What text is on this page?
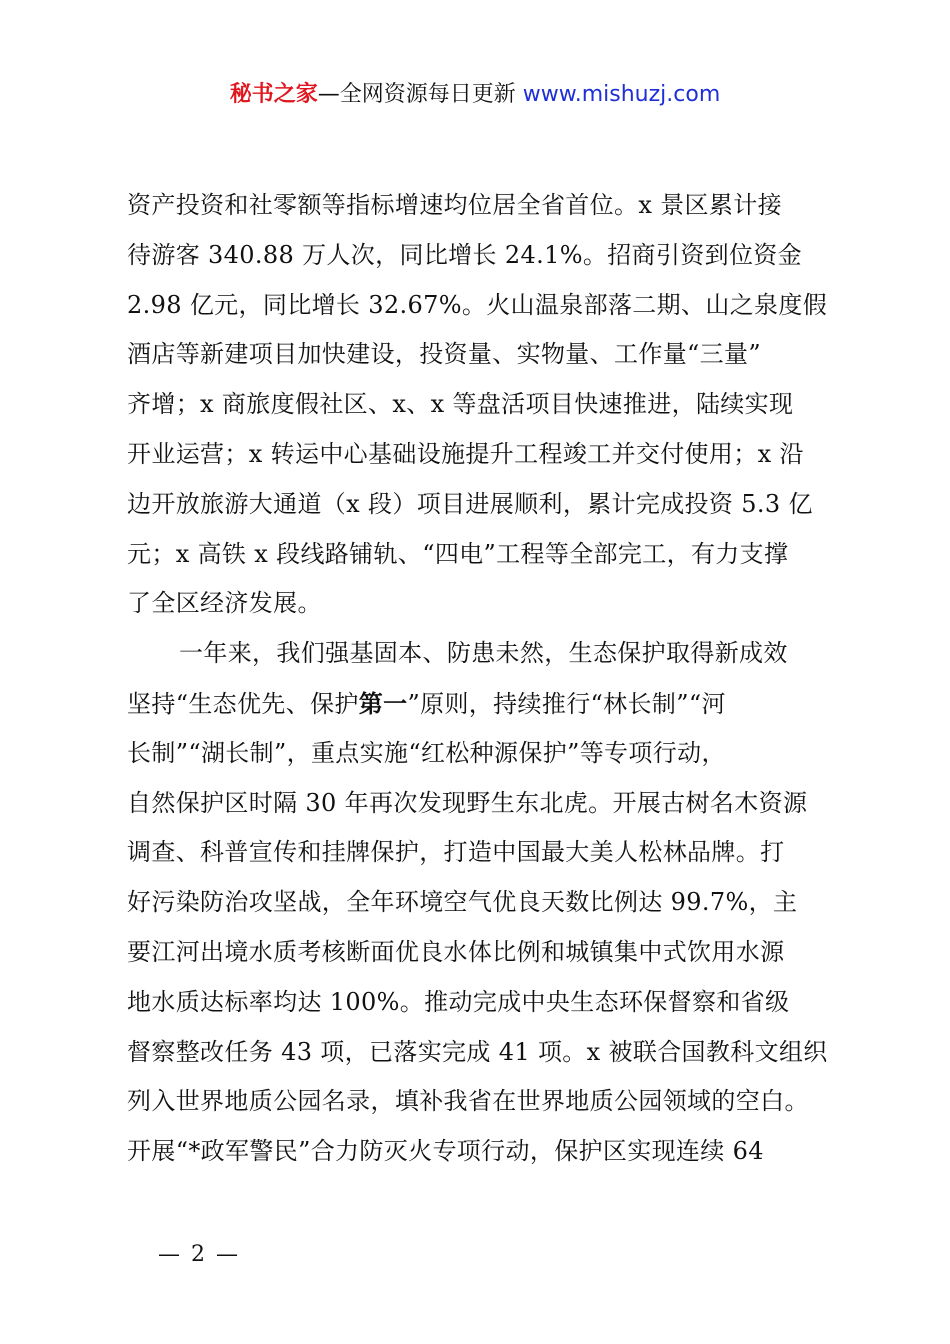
秘书之家—全网资源每日更新 www.mishuzj.com
资产投资和社零额等指标增速均位居全省首位。x 景区累计接
待游客 340.88 万人次，同比增长 24.1%。招商引资到位资金
2.98 亿元，同比增长 32.67%。火山温泉部落二期、山之泉度假
酒店等新建项目加快建设，投资量、实物量、工作量“三量”
齐增；x 商旅度假社区、x、x 等盘活项目快速推进，陆续实现
开业运营；x 转运中心基础设施提升工程竣工并交付使用；x 沿
边开放旅游大通道（x 段）项目进展顺利，累计完成投资 5.3 亿
元；x 高铁 x 段线路铺轨、“四电”工程等全部完工，有力支撑
了全区经济发展。
一年来，我们强基固本、防患未然，生态保护取得新成效
坚持“生态优先、保护第一”原则，持续推行“林长制”“河
长制”“湖长制”，重点实施“红松种源保护”等专项行动，
自然保护区时隔 30 年再次发现野生东北虎。开展古树名木资源
调查、科普宣传和挂牌保护，打造中国最大美人松林品牌。打
好污染防治攻坚战，全年环境空气优良天数比例达 99.7%，主
要江河出境水质考核断面优良水体比例和城镇集中式饮用水源
地水质达标率均达 100%。推动完成中央生态环保督察和省级
督察整改任务 43 项，已落实完成 41 项。x 被联合国教科文组织
列入世界地质公园名录，填补我省在世界地质公园领域的空白。
开展“*政军警民”合力防灭火专项行动，保护区实现连续 64
— 2 —
